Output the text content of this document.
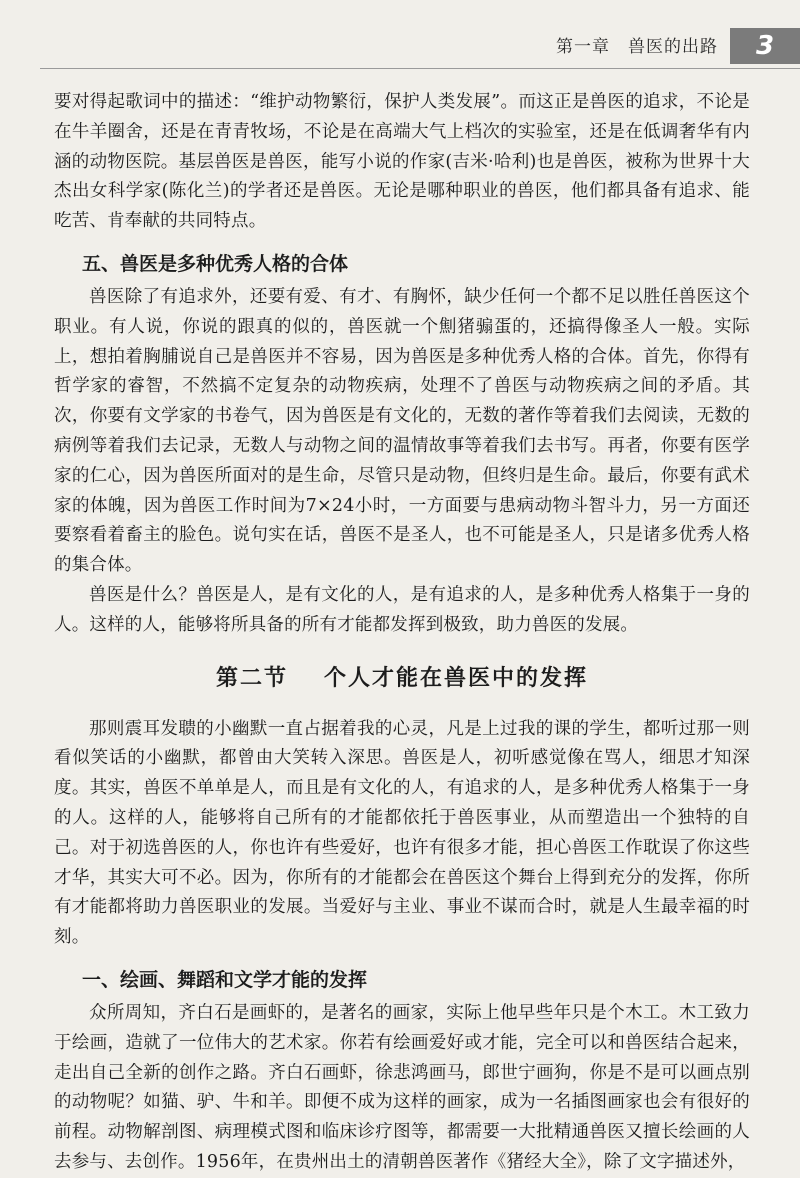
第一章　兽医的出路	3

要对得起歌词中的描述：“维护动物繁衍，保护人类发展”。而这正是兽医的追求，不论是在牛羊圈舍，还是在青青牧场，不论是在高端大气上档次的实验室，还是在低调奢华有内涵的动物医院。基层兽医是兽医，能写小说的作家(吉米·哈利)也是兽医，被称为世界十大杰出女科学家(陈化兰)的学者还是兽医。无论是哪种职业的兽医，他们都具备有追求、能吃苦、肯奉献的共同特点。

五、兽医是多种优秀人格的合体

兽医除了有追求外，还要有爱、有才、有胸怀，缺少任何一个都不足以胜任兽医这个职业。有人说，你说的跟真的似的，兽医就一个劁猪骟蛋的，还搞得像圣人一般。实际上，想拍着胸脯说自己是兽医并不容易，因为兽医是多种优秀人格的合体。首先，你得有哲学家的睿智，不然搞不定复杂的动物疾病，处理不了兽医与动物疾病之间的矛盾。其次，你要有文学家的书卷气，因为兽医是有文化的，无数的著作等着我们去阅读，无数的病例等着我们去记录，无数人与动物之间的温情故事等着我们去书写。再者，你要有医学家的仁心，因为兽医所面对的是生命，尽管只是动物，但终归是生命。最后，你要有武术家的体魄，因为兽医工作时间为7×24小时，一方面要与患病动物斗智斗力，另一方面还要察看着畜主的脸色。说句实在话，兽医不是圣人，也不可能是圣人，只是诸多优秀人格的集合体。

兽医是什么？兽医是人，是有文化的人，是有追求的人，是多种优秀人格集于一身的人。这样的人，能够将所具备的所有才能都发挥到极致，助力兽医的发展。

第二节 个人才能在兽医中的发挥

那则震耳发聩的小幽默一直占据着我的心灵，凡是上过我的课的学生，都听过那一则看似笑话的小幽默，都曾由大笑转入深思。兽医是人，初听感觉像在骂人，细思才知深度。其实，兽医不单单是人，而且是有文化的人，有追求的人，是多种优秀人格集于一身的人。这样的人，能够将自己所有的才能都依托于兽医事业，从而塑造出一个独特的自己。对于初选兽医的人，你也许有些爱好，也许有很多才能，担心兽医工作耽误了你这些才华，其实大可不必。因为，你所有的才能都会在兽医这个舞台上得到充分的发挥，你所有才能都将助力兽医职业的发展。当爱好与主业、事业不谋而合时，就是人生最幸福的时刻。

一、绘画、舞蹈和文学才能的发挥

众所周知，齐白石是画虾的，是著名的画家，实际上他早些年只是个木工。木工致力于绘画，造就了一位伟大的艺术家。你若有绘画爱好或才能，完全可以和兽医结合起来，走出自己全新的创作之路。齐白石画虾，徐悲鸿画马，郎世宁画狗，你是不是可以画点别的动物呢？如猫、驴、牛和羊。即便不成为这样的画家，成为一名插图画家也会有很好的前程。动物解剖图、病理模式图和临床诊疗图等，都需要一大批精通兽医又擅长绘画的人去参与、去创作。1956年，在贵州出土的清朝兽医著作《猪经大全》，除了文字描述外，
